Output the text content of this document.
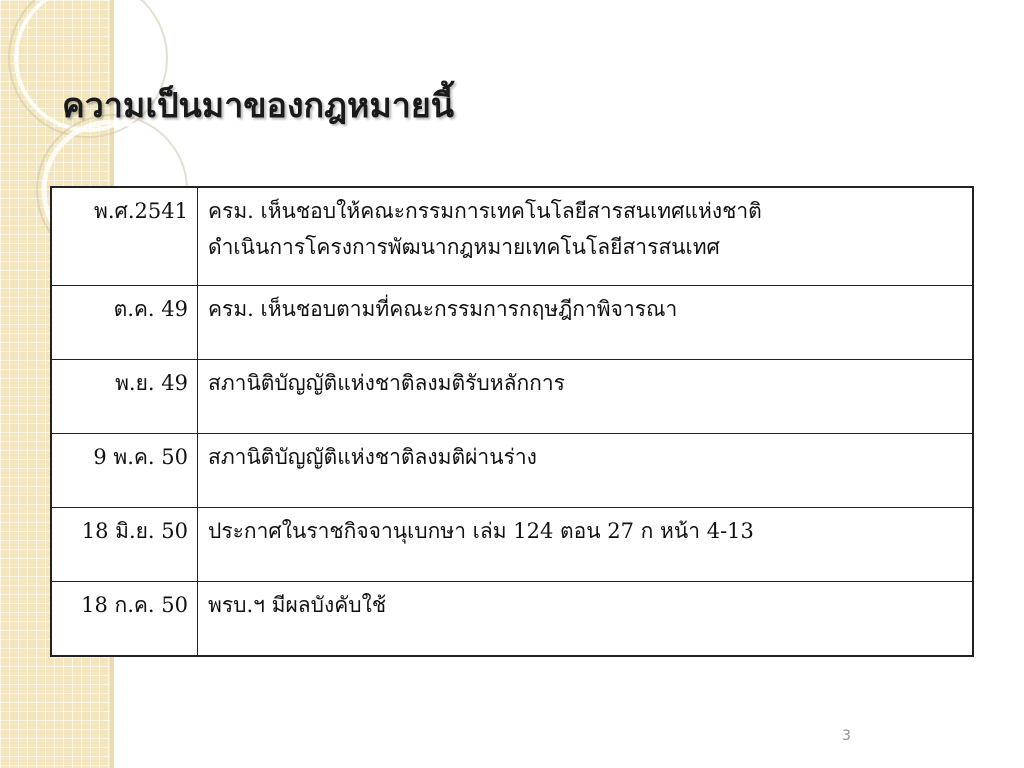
ความเป็นมาของกฎหมายนี้
พ.ศ.2541	ครม. เห็นชอบให้คณะกรรมการเทคโนโลยีสารสนเทศแห่งชาติ
ดำเนินการโครงการพัฒนากฎหมายเทคโนโลยีสารสนเทศ

ต.ค. 49	ครม. เห็นชอบตามที่คณะกรรมการกฤษฎีกาพิจารณา

พ.ย. 49	สภานิติบัญญัติแห่งชาติลงมติรับหลักการ

9 พ.ค. 50	สภานิติบัญญัติแห่งชาติลงมติผ่านร่าง

18 มิ.ย. 50	ประกาศในราชกิจจานุเบกษา เล่ม 124 ตอน 27 ก หน้า 4-13

18 ก.ค. 50	พรบ.ฯ มีผลบังคับใช้
3
